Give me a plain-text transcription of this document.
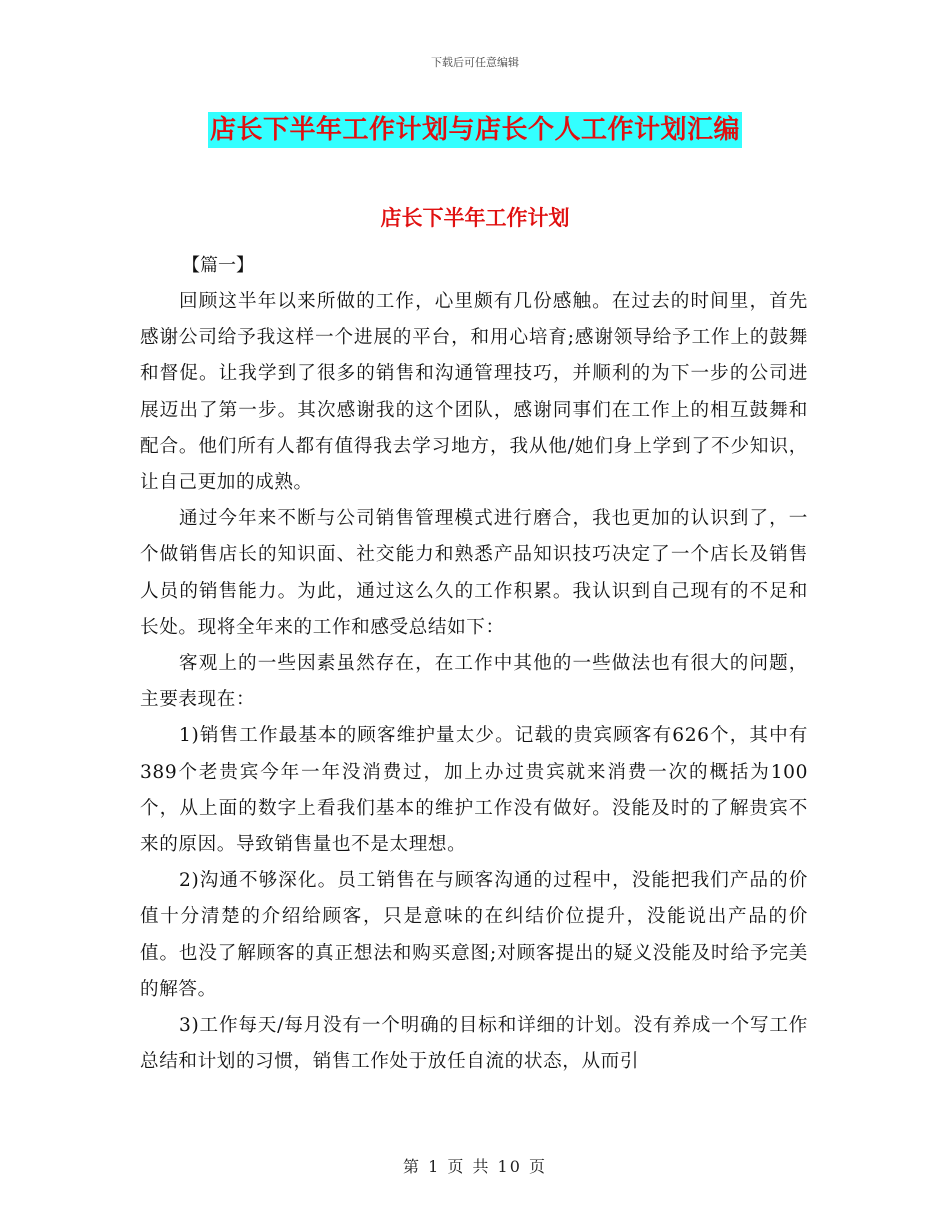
下载后可任意编辑
店长下半年工作计划与店长个人工作计划汇编
店长下半年工作计划
【篇一】

回顾这半年以来所做的工作，心里颇有几份感触。在过去的时间里，首先感谢公司给予我这样一个进展的平台，和用心培育;感谢领导给予工作上的鼓舞和督促。让我学到了很多的销售和沟通管理技巧，并顺利的为下一步的公司进展迈出了第一步。其次感谢我的这个团队，感谢同事们在工作上的相互鼓舞和配合。他们所有人都有值得我去学习地方，我从他/她们身上学到了不少知识，让自己更加的成熟。

通过今年来不断与公司销售管理模式进行磨合，我也更加的认识到了，一个做销售店长的知识面、社交能力和熟悉产品知识技巧决定了一个店长及销售人员的销售能力。为此，通过这么久的工作积累。我认识到自己现有的不足和长处。现将全年来的工作和感受总结如下：

客观上的一些因素虽然存在，在工作中其他的一些做法也有很大的问题，主要表现在：

1)销售工作最基本的顾客维护量太少。记载的贵宾顾客有626个，其中有389个老贵宾今年一年没消费过，加上办过贵宾就来消费一次的概括为100个，从上面的数字上看我们基本的维护工作没有做好。没能及时的了解贵宾不来的原因。导致销售量也不是太理想。

2)沟通不够深化。员工销售在与顾客沟通的过程中，没能把我们产品的价值十分清楚的介绍给顾客，只是意味的在纠结价位提升，没能说出产品的价值。也没了解顾客的真正想法和购买意图;对顾客提出的疑义没能及时给予完美的解答。

3)工作每天/每月没有一个明确的目标和详细的计划。没有养成一个写工作总结和计划的习惯，销售工作处于放任自流的状态，从而引

第 1 页 共 10 页
